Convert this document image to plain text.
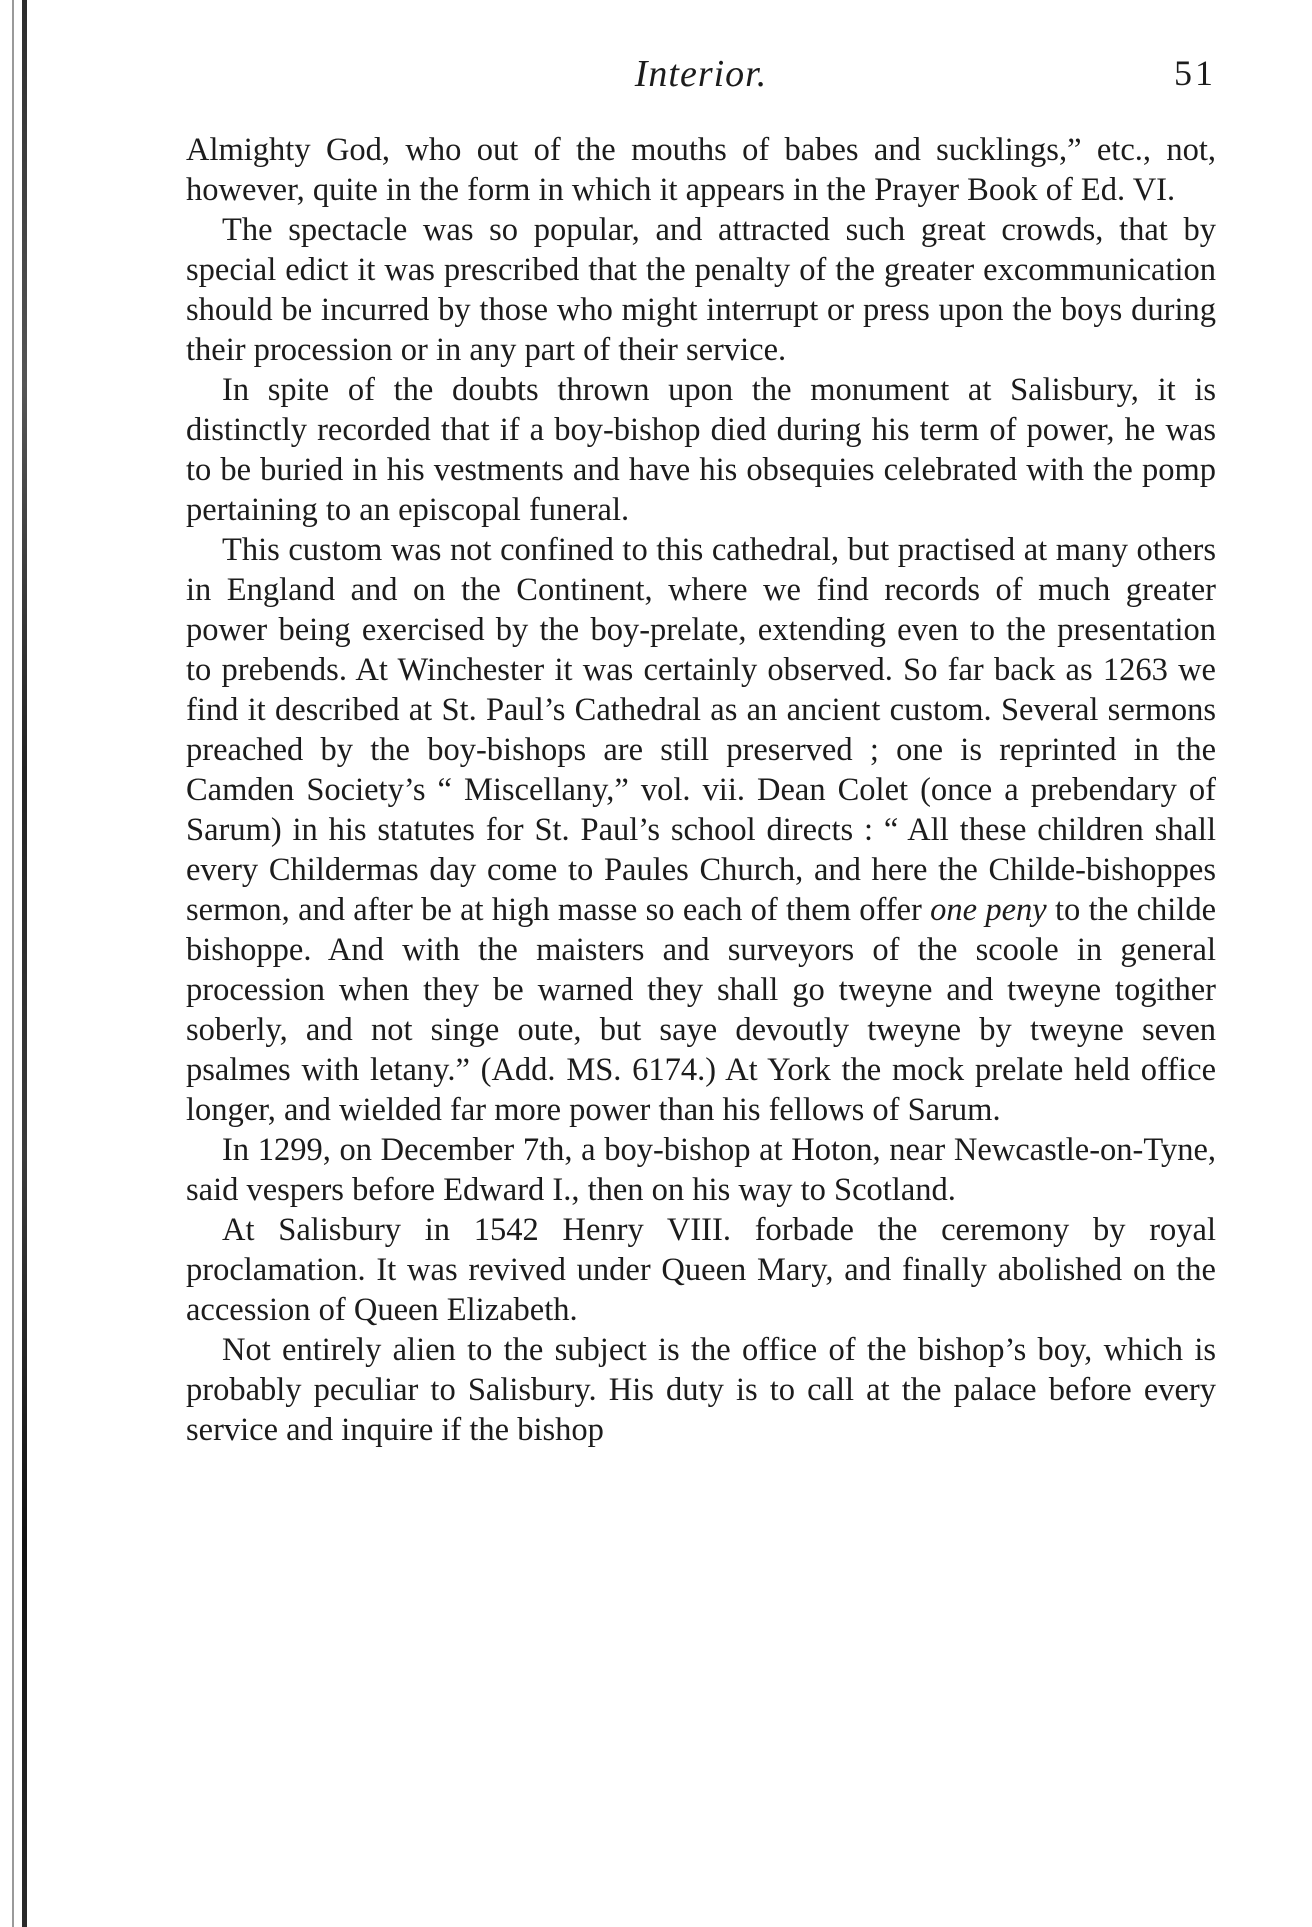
Interior.	51

Almighty God, who out of the mouths of babes and sucklings,” etc., not, however, quite in the form in which it appears in the Prayer Book of Ed. VI.

The spectacle was so popular, and attracted such great crowds, that by special edict it was prescribed that the penalty of the greater excommunication should be incurred by those who might interrupt or press upon the boys during their procession or in any part of their service.

In spite of the doubts thrown upon the monument at Salisbury, it is distinctly recorded that if a boy-bishop died during his term of power, he was to be buried in his vestments and have his obsequies celebrated with the pomp pertaining to an episcopal funeral.

This custom was not confined to this cathedral, but practised at many others in England and on the Continent, where we find records of much greater power being exercised by the boy-prelate, extending even to the presentation to prebends. At Winchester it was certainly observed. So far back as 1263 we find it described at St. Paul’s Cathedral as an ancient custom. Several sermons preached by the boy-bishops are still preserved ; one is reprinted in the Camden Society’s “ Miscellany,” vol. vii. Dean Colet (once a prebendary of Sarum) in his statutes for St. Paul’s school directs : “ All these children shall every Childermas day come to Paules Church, and here the Childe-bishoppes sermon, and after be at high masse so each of them offer one peny to the childe bishoppe. And with the maisters and surveyors of the scoole in general procession when they be warned they shall go tweyne and tweyne togither soberly, and not singe oute, but saye devoutly tweyne by tweyne seven psalmes with letany.” (Add. MS. 6174.) At York the mock prelate held office longer, and wielded far more power than his fellows of Sarum.

In 1299, on December 7th, a boy-bishop at Hoton, near Newcastle-on-Tyne, said vespers before Edward I., then on his way to Scotland.

At Salisbury in 1542 Henry VIII. forbade the ceremony by royal proclamation. It was revived under Queen Mary, and finally abolished on the accession of Queen Elizabeth.

Not entirely alien to the subject is the office of the bishop’s boy, which is probably peculiar to Salisbury. His duty is to call at the palace before every service and inquire if the bishop
